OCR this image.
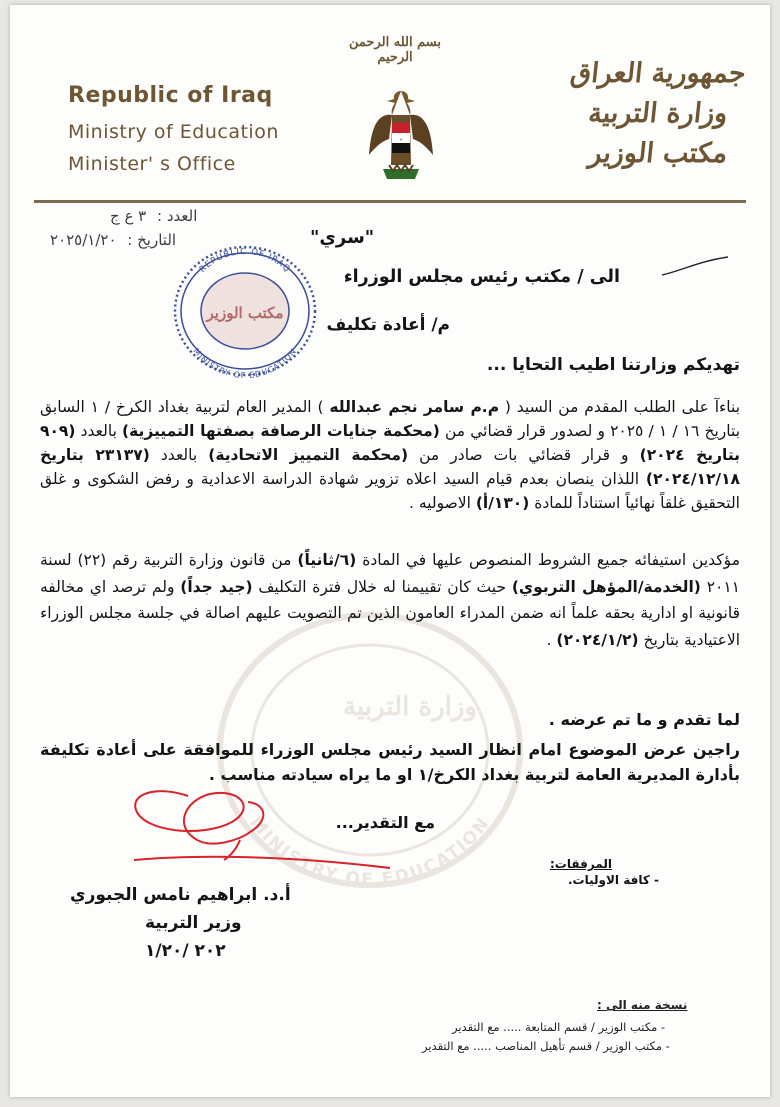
Republic of Iraq
Ministry of Education
Minister' s Office
بسم الله الرحمن الرحيم
✦
جمهورية العراق
وزارة التربية
مكتب الوزير
العدد : ٣ ع ج
التاريخ : ٢٠٢٥/١/٢٠
REPUBLIC OF IRAQ
MINISTRY OF EDUCATION
مكتب الوزير
وزارة التربية
MINISTRY OF EDUCATION
"سري"
الى / مكتب رئيس مجلس الوزراء
م/ أعادة تكليف
تهديكم وزارتنا اطيب التحايا ...
بناءآ على الطلب المقدم من السيد ( م.م سامر نجم عبدالله ) المدير العام لتربية بغداد الكرخ / ١ السابق بتاريخ ١٦ / ١ / ٢٠٢٥ و لصدور قرار قضائي من (محكمة جنايات الرصافة بصفتها التمييزية) بالعدد (٩٠٩ بتاريخ ٢٠٢٤) و قرار قضائي بات صادر من (محكمة التمييز الاتحادية) بالعدد (٢٣١٣٧ بتاريخ ٢٠٢٤/١٢/١٨) اللذان ينصان بعدم قيام السيد اعلاه تزوير شهادة الدراسة الاعدادية و رفض الشكوى و غلق التحقيق غلقاً نهائياً استناداً للمادة (١٣٠/أ) الاصوليه .
مؤكدين استيفائه جميع الشروط المنصوص عليها في المادة (٦/ثانياً) من قانون وزارة التربية رقم (٢٢) لسنة ٢٠١١ (الخدمة/المؤهل التربوي) حيث كان تقييمنا له خلال فترة التكليف (جيد جداً) ولم ترصد اي مخالفه قانونية او ادارية بحقه علماً انه ضمن المدراء العامون الذين تم التصويت عليهم اصالة في جلسة مجلس الوزراء الاعتيادية بتاريخ (٢٠٢٤/١/٢) .
لما تقدم و ما تم عرضه .
راجين عرض الموضوع امام انظار السيد رئيس مجلس الوزراء للموافقة على أعادة تكليفة بأدارة المديرية العامة لتربية بغداد الكرخ/١ او ما يراه سيادته مناسب .
مع التقدير...
المرفقات:
- كافة الاوليات.
أ.د. ابراهيم نامس الجبوري
وزير التربية
٢٠٢ /١/٢٠
نسخة منه الى :
- مكتب الوزير / قسم المتابعة ..... مع التقدير
- مكتب الوزير / قسم تأهيل المناصب ..... مع التقدير
